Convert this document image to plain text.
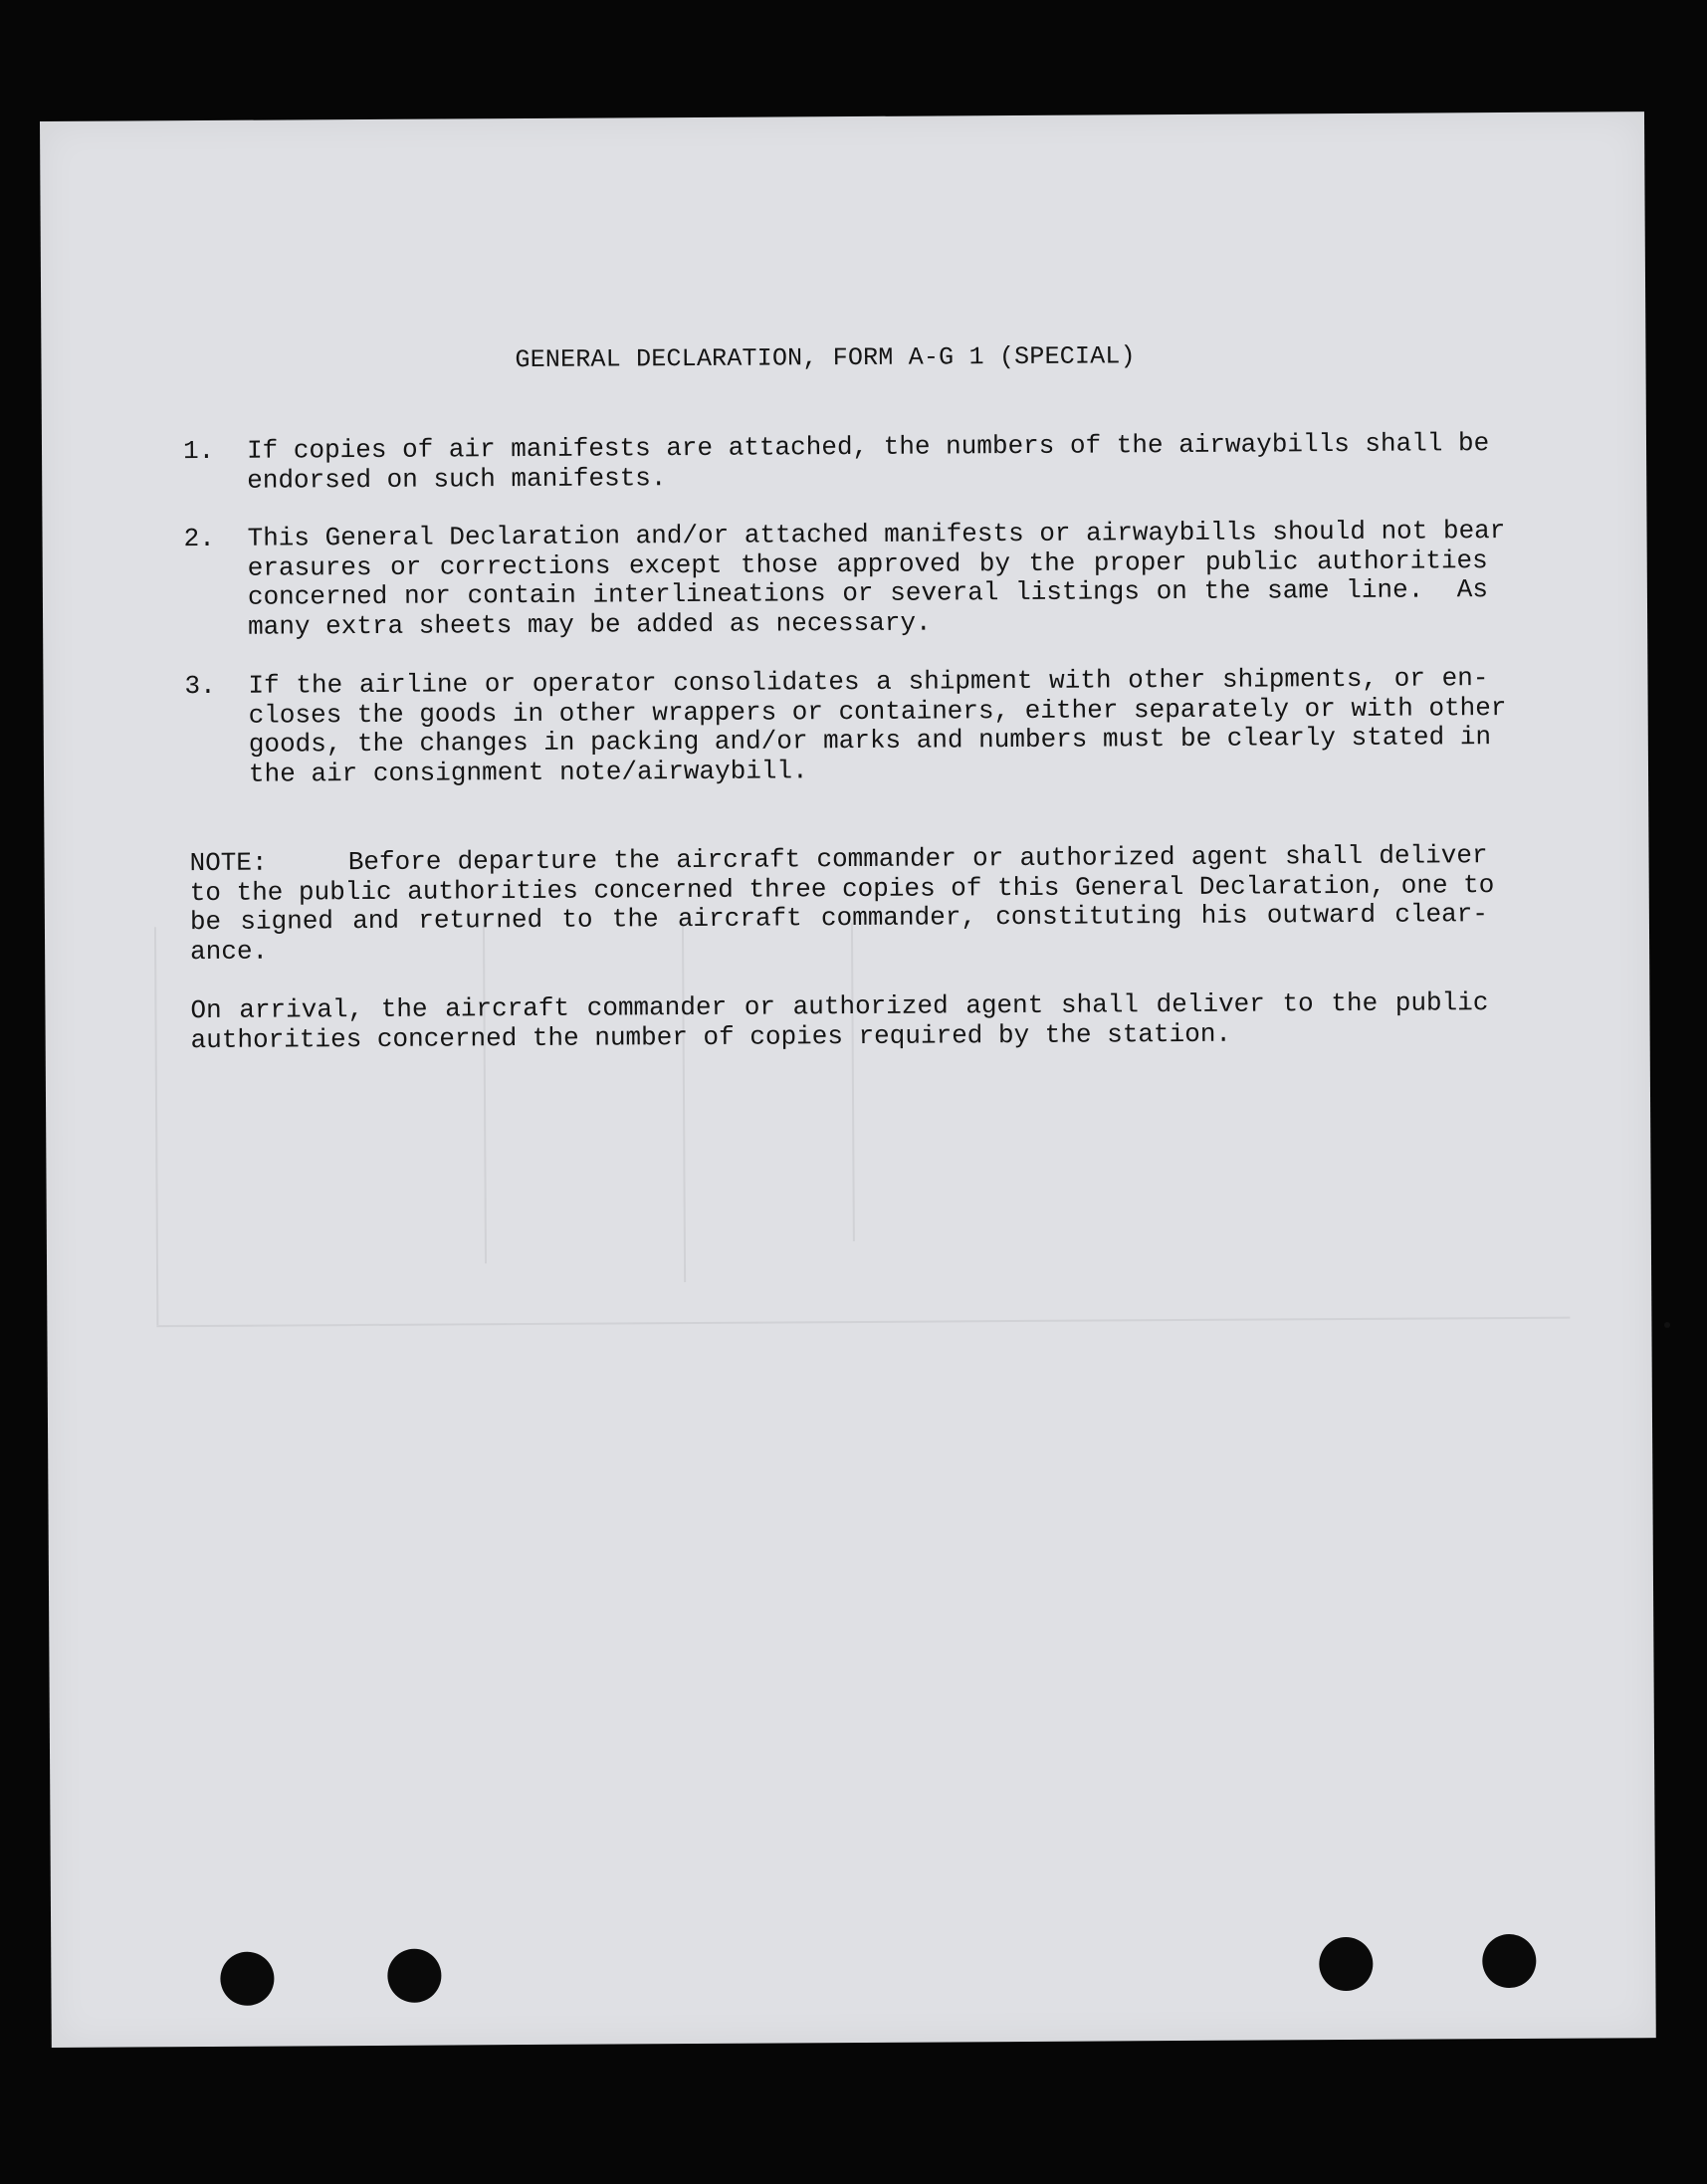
GENERAL DECLARATION, FORM A-G 1 (SPECIAL)
1. If copies of air manifests are attached, the numbers of the airwaybills shall be
endorsed on such manifests.
2. This General Declaration and/or attached manifests or airwaybills should not bear
erasures or corrections except those approved by the proper public authorities
concerned nor contain interlineations or several listings on the same line.  As
many extra sheets may be added as necessary.
3. If the airline or operator consolidates a shipment with other shipments, or en-
closes the goods in other wrappers or containers, either separately or with other
goods, the changes in packing and/or marks and numbers must be clearly stated in
the air consignment note/airwaybill.
NOTE:     Before departure the aircraft commander or authorized agent shall deliver
to the public authorities concerned three copies of this General Declaration, one to
be signed and returned to the aircraft commander, constituting his outward clear-
ance.
On arrival, the aircraft commander or authorized agent shall deliver to the public
authorities concerned the number of copies required by the station.
